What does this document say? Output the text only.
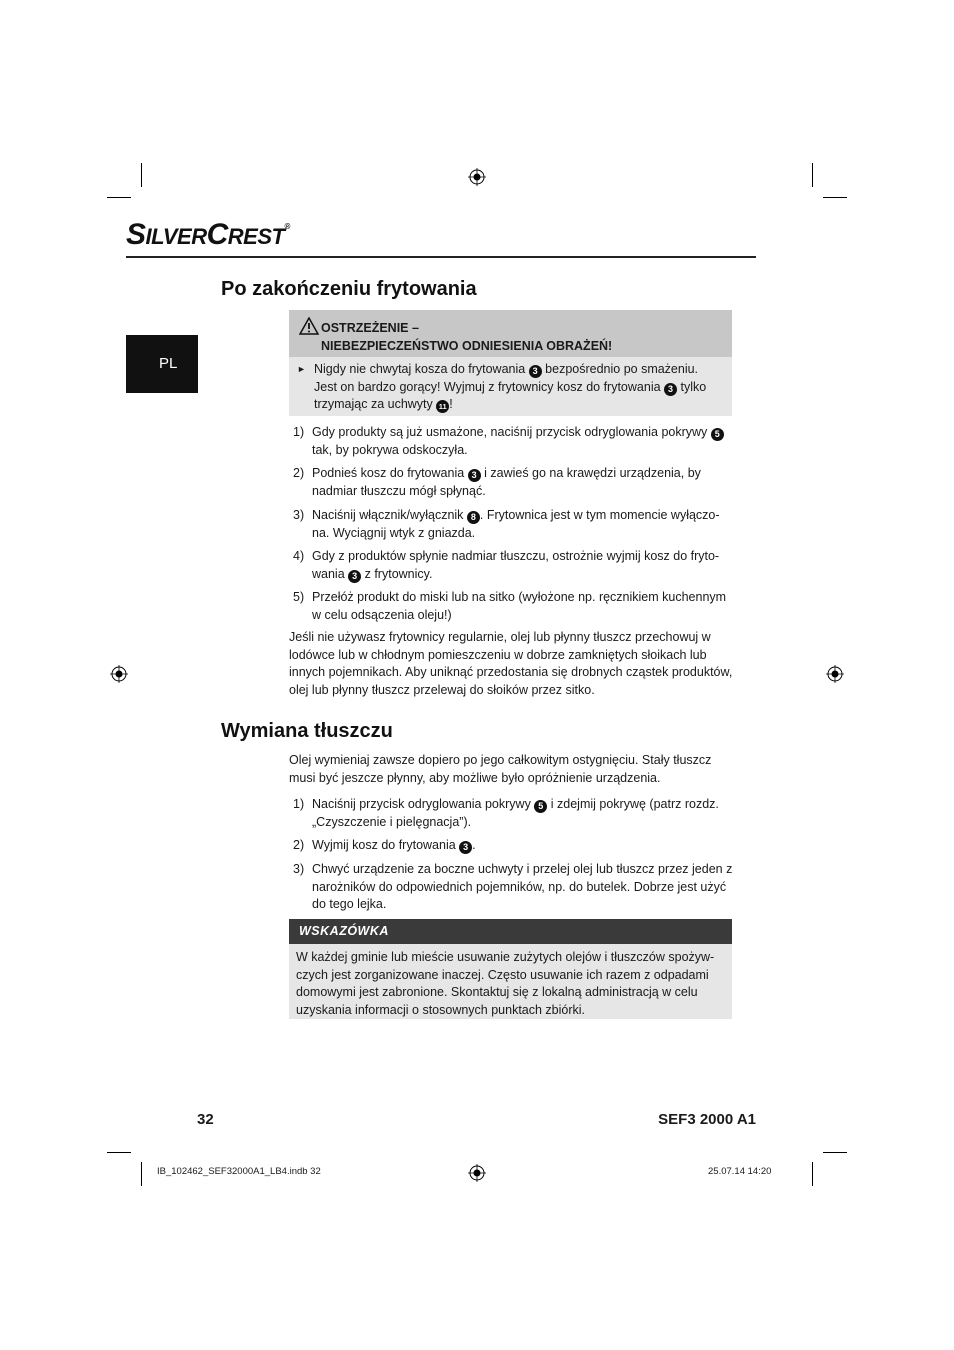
SILVERCREST®
PL
Po zakończeniu frytowania
OSTRZEŻENIE –
NIEBEZPIECZEŃSTWO ODNIESIENIA OBRAŻEŃ!
► Nigdy nie chwytaj kosza do frytowania 3 bezpośrednio po smażeniu. Jest on bardzo gorący! Wyjmuj z frytownicy kosz do frytowania 3 tylko trzymając za uchwyty 11 !
1) Gdy produkty są już usmażone, naciśnij przycisk odryglowania pokrywy 5 tak, by pokrywa odskoczyła.
2) Podnieś kosz do frytowania 3 i zawieś go na krawędzi urządzenia, by nadmiar tłuszczu mógł spłynąć.
3) Naciśnij włącznik/wyłącznik 8 . Frytownica jest w tym momencie wyłączo-na. Wyciągnij wtyk z gniazda.
4) Gdy z produktów spłynie nadmiar tłuszczu, ostrożnie wyjmij kosz do fryto-wania 3 z frytownicy.
5) Przełóż produkt do miski lub na sitko (wyłożone np. ręcznikiem kuchennym w celu odsączenia oleju!)
Jeśli nie używasz frytownicy regularnie, olej lub płynny tłuszcz przechowuj w lodówce lub w chłodnym pomieszczeniu w dobrze zamkniętych słoikach lub innych pojemnikach. Aby uniknąć przedostania się drobnych cząstek produktów, olej lub płynny tłuszcz przelewaj do słoików przez sitko.
Wymiana tłuszczu
Olej wymieniaj zawsze dopiero po jego całkowitym ostygnięciu. Stały tłuszcz musi być jeszcze płynny, aby możliwe było opróżnienie urządzenia.
1) Naciśnij przycisk odryglowania pokrywy 5 i zdejmij pokrywę (patrz rozdz. „Czyszczenie i pielęgnacja”).
2) Wyjmij kosz do frytowania 3 .
3) Chwyć urządzenie za boczne uchwyty i przelej olej lub tłuszcz przez jeden z narożników do odpowiednich pojemników, np. do butelek. Dobrze jest użyć do tego lejka.
WSKAZÓWKA
W każdej gminie lub mieście usuwanie zużytych olejów i tłuszczów spożyw-czych jest zorganizowane inaczej. Często usuwanie ich razem z odpadami domowymi jest zabronione. Skontaktuj się z lokalną administracją w celu uzyskania informacji o stosownych punktach zbiórki.
32	SEF3 2000 A1
IB_102462_SEF32000A1_LB4.indb 32	25.07.14 14:20
